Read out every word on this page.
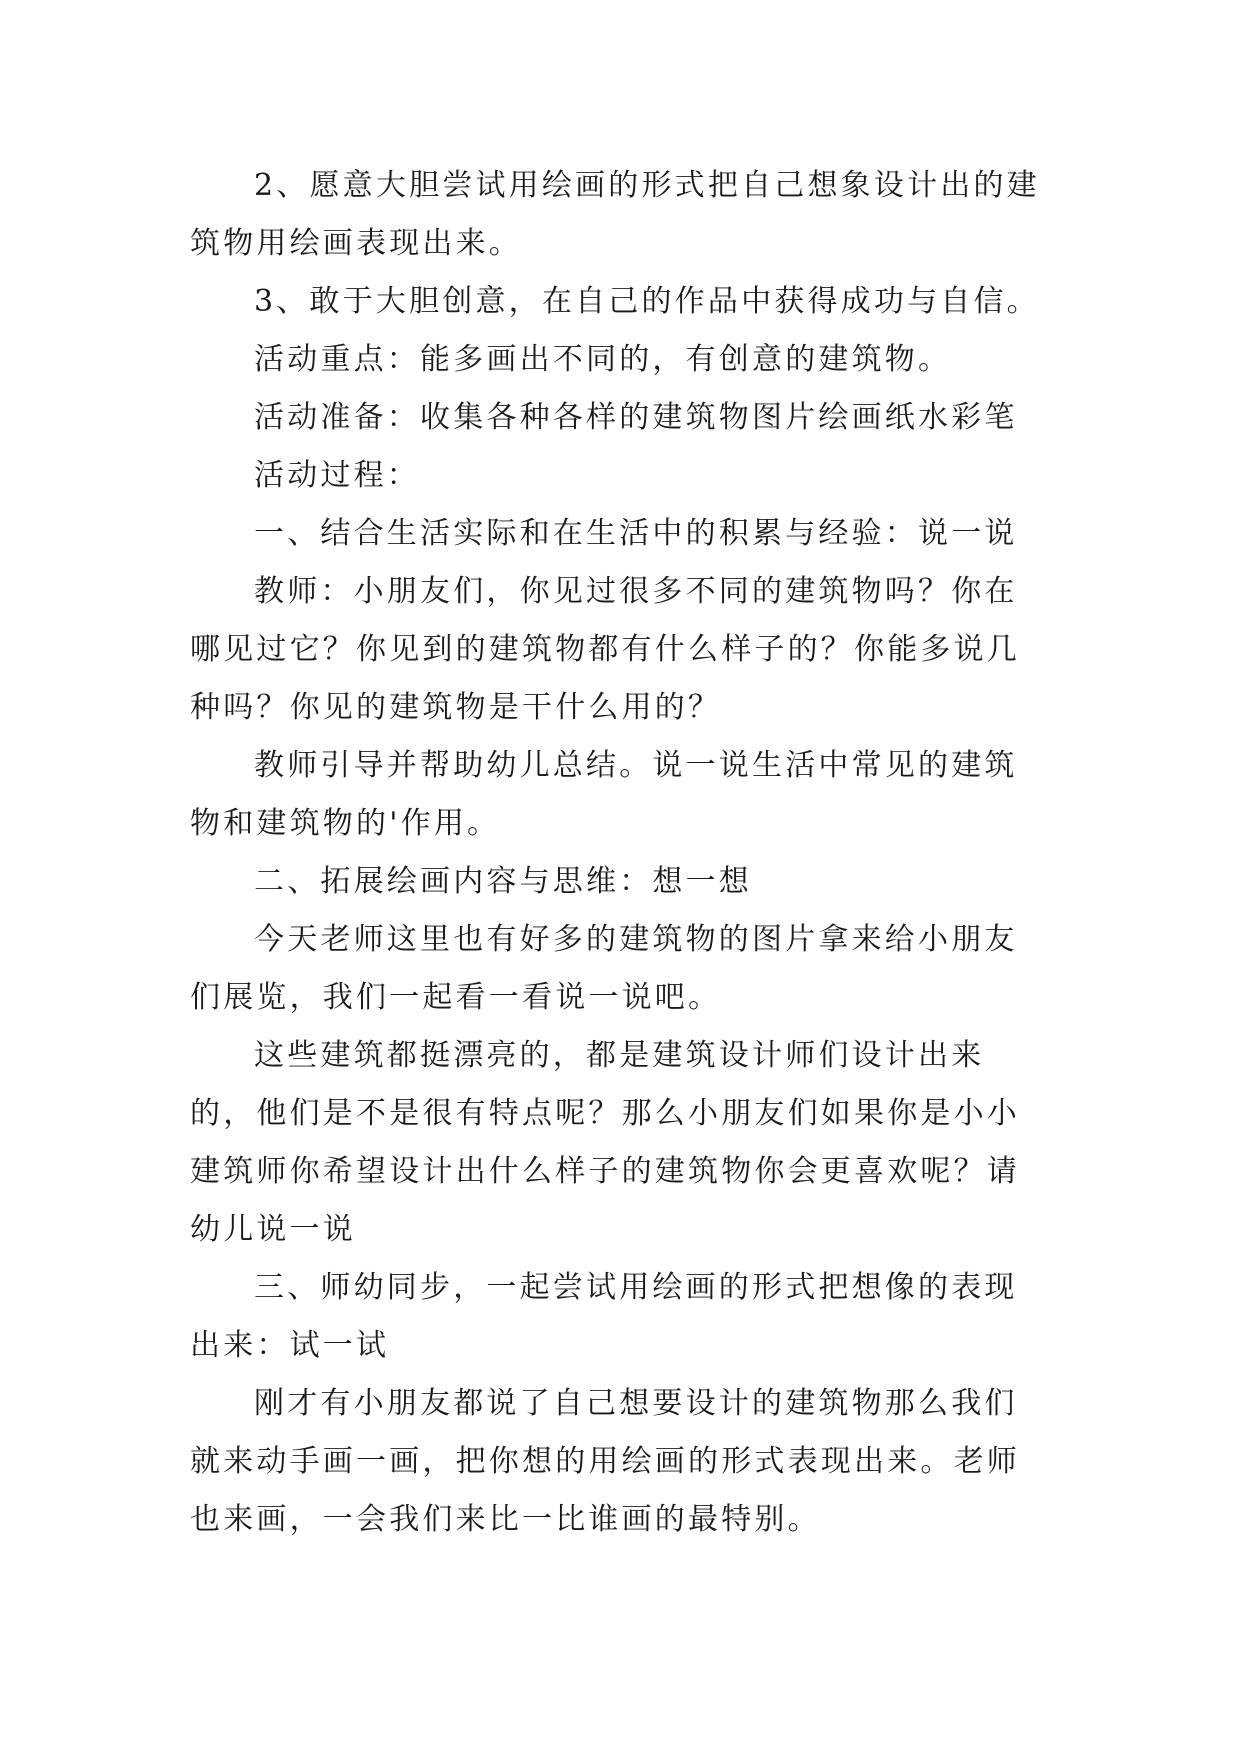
2、愿意大胆尝试用绘画的形式把自己想象设计出的建筑物用绘画表现出来。

3、敢于大胆创意，在自己的作品中获得成功与自信。

活动重点：能多画出不同的，有创意的建筑物。

活动准备：收集各种各样的建筑物图片绘画纸水彩笔

活动过程：

一、结合生活实际和在生活中的积累与经验：说一说

教师：小朋友们，你见过很多不同的建筑物吗？你在哪见过它？你见到的建筑物都有什么样子的？你能多说几种吗？你见的建筑物是干什么用的？

教师引导并帮助幼儿总结。说一说生活中常见的建筑物和建筑物的'作用。

二、拓展绘画内容与思维：想一想

今天老师这里也有好多的建筑物的图片拿来给小朋友们展览，我们一起看一看说一说吧。

这些建筑都挺漂亮的，都是建筑设计师们设计出来的，他们是不是很有特点呢？那么小朋友们如果你是小小建筑师你希望设计出什么样子的建筑物你会更喜欢呢？请幼儿说一说

三、师幼同步，一起尝试用绘画的形式把想像的表现出来：试一试

刚才有小朋友都说了自己想要设计的建筑物那么我们就来动手画一画，把你想的用绘画的形式表现出来。老师也来画，一会我们来比一比谁画的最特别。
